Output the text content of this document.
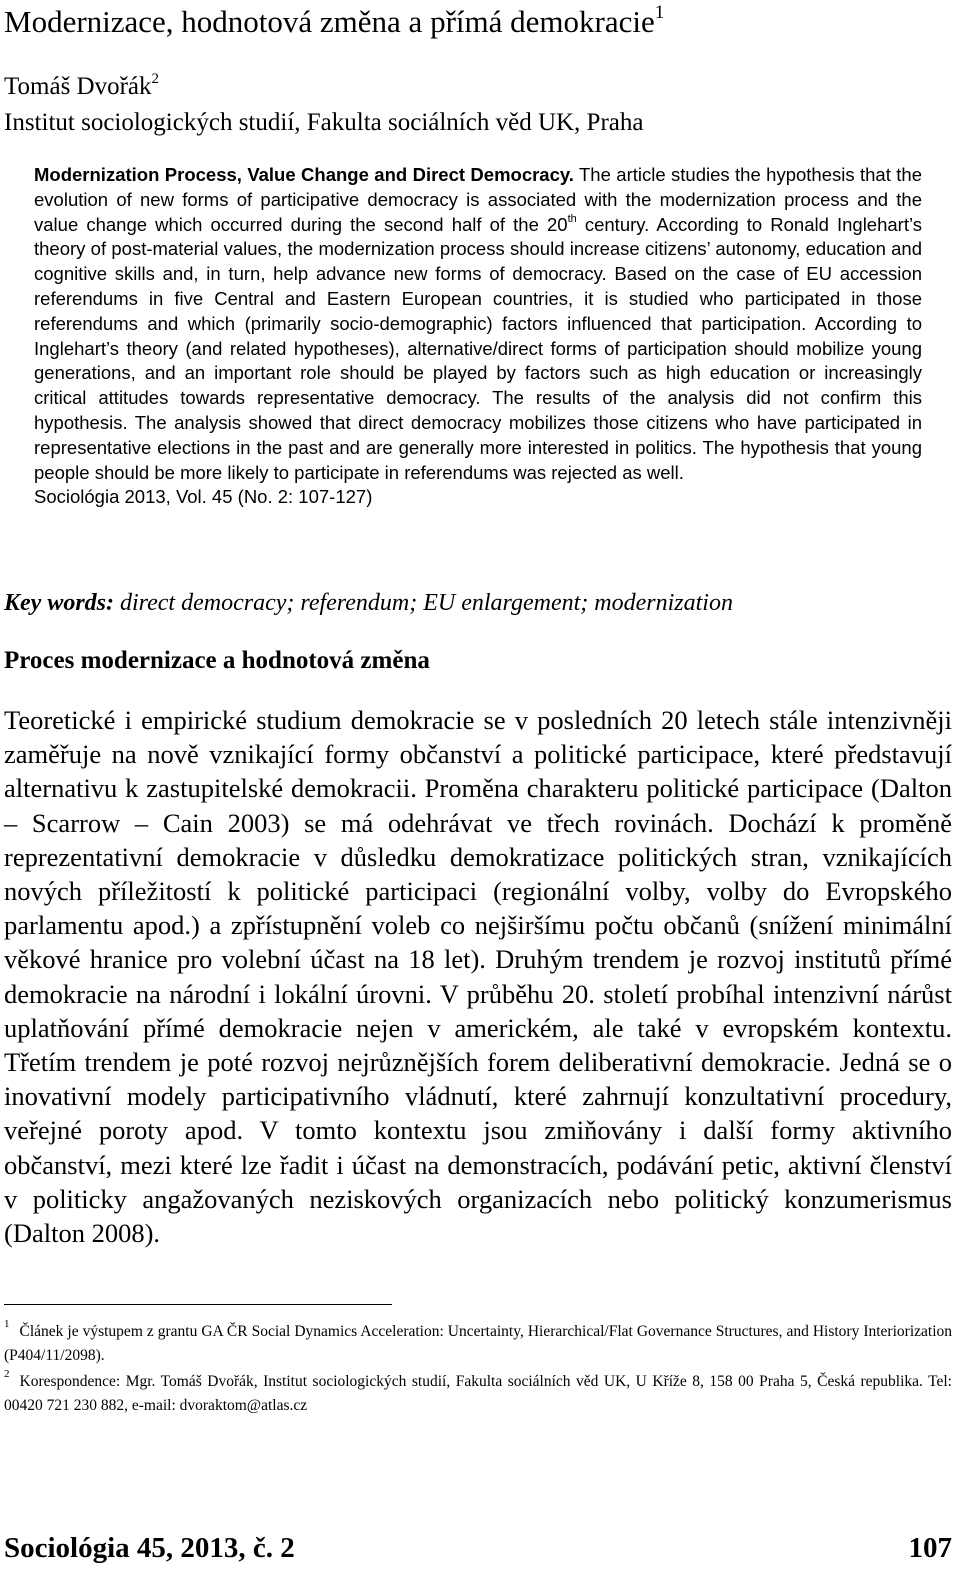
Modernizace, hodnotová změna a přímá demokracie$^1$
Tomáš Dvořák$^2$
Institut sociologických studií, Fakulta sociálních věd UK, Praha

Modernization Process, Value Change and Direct Democracy. The article studies the hypothesis that the evolution of new forms of participative democracy is associated with the modernization process and the value change which occurred during the second half of the 20th century. According to Ronald Inglehart’s theory of post-material values, the modernization process should increase citizens’ autonomy, education and cognitive skills and, in turn, help advance new forms of democracy. Based on the case of EU accession referendums in five Central and Eastern European countries, it is studied who participated in those referendums and which (primarily socio-demographic) factors influenced that participation. According to Inglehart’s theory (and related hypotheses), alternative/direct forms of participation should mobilize young generations, and an important role should be played by factors such as high education or increasingly critical attitudes towards representative democracy. The results of the analysis did not confirm this hypothesis. The analysis showed that direct democracy mobilizes those citizens who have participated in representative elections in the past and are generally more interested in politics. The hypothesis that young people should be more likely to participate in referendums was rejected as well.
Sociológia 2013, Vol. 45 (No. 2: 107-127)

Key words: direct democracy; referendum; EU enlargement; modernization
Proces modernizace a hodnotová změna

Teoretické i empirické studium demokracie se v posledních 20 letech stále intenzivněji zaměřuje na nově vznikající formy občanství a politické participace, které představují alternativu k zastupitelské demokracii. Proměna charakteru politické participace (Dalton – Scarrow – Cain 2003) se má odehrávat ve třech rovinách. Dochází k proměně reprezentativní demokracie v důsledku demokratizace politických stran, vznikajících nových příležitostí k politické participaci (regionální volby, volby do Evropského parlamentu apod.) a zpřístupnění voleb co nejširšímu počtu občanů (snížení minimální věkové hranice pro volební účast na 18 let). Druhým trendem je rozvoj institutů přímé demokracie na národní i lokální úrovni. V průběhu 20. století probíhal intenzivní nárůst uplatňování přímé demokracie nejen v americkém, ale také v evropském kontextu. Třetím trendem je poté rozvoj nejrůznějších forem deliberativní demokracie. Jedná se o inovativní modely participativního vládnutí, které zahrnují konzultativní procedury, veřejné poroty apod. V tomto kontextu jsou zmiňovány i další formy aktivního občanství, mezi které lze řadit i účast na demonstracích, podávání petic, aktivní členství v politicky angažovaných neziskových organizacích nebo politický konzumerismus (Dalton 2008).

$^1$ Článek je výstupem z grantu GA ČR Social Dynamics Acceleration: Uncertainty, Hierarchical/Flat Governance Structures, and History Interiorization (P404/11/2098).

$^2$ Korespondence: Mgr. Tomáš Dvořák, Institut sociologických studií, Fakulta sociálních věd UK, U Kříže 8, 158 00 Praha 5, Česká republika. Tel: 00420 721 230 882, e-mail: dvoraktom@atlas.cz

Sociológia 45, 2013, č. 2	107
